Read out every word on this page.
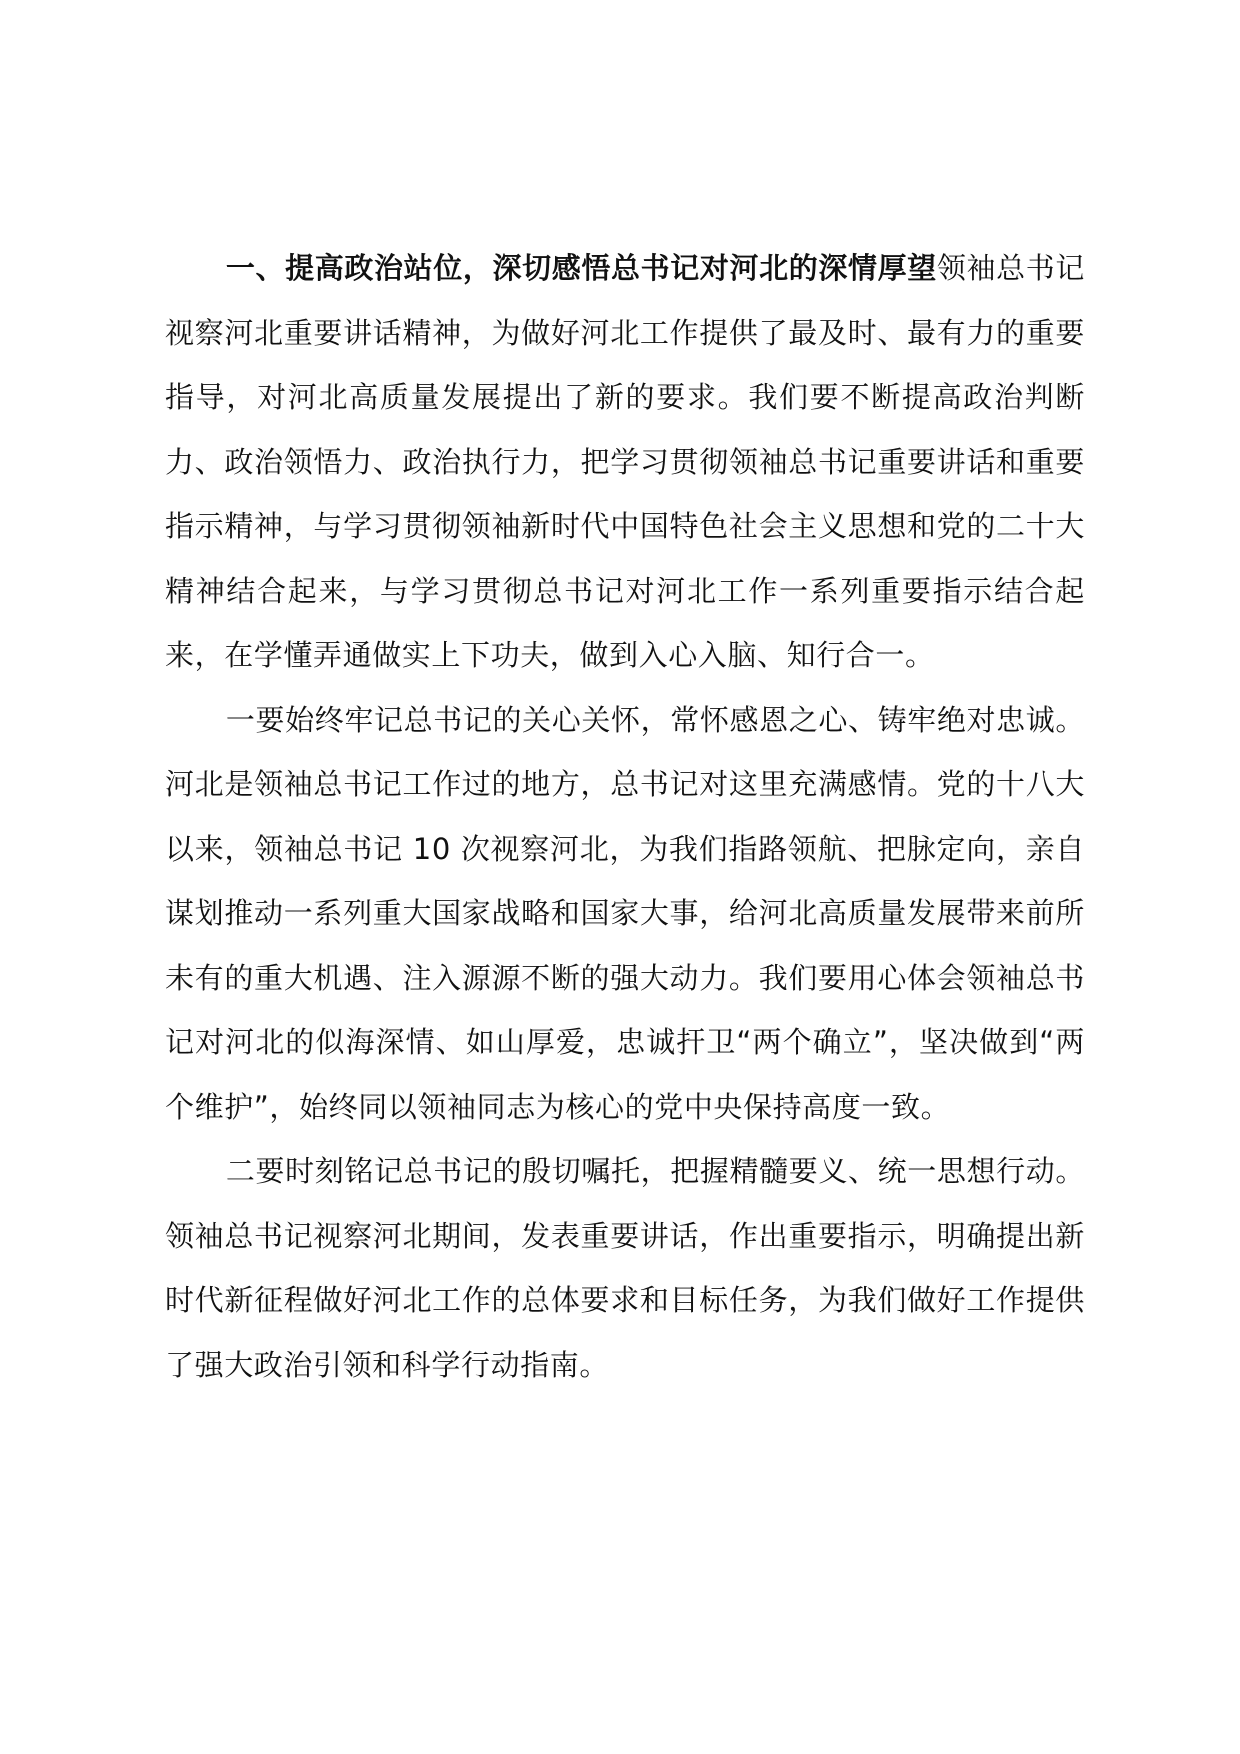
一、提高政治站位，深切感悟总书记对河北的深情厚望领袖总书记视察河北重要讲话精神，为做好河北工作提供了最及时、最有力的重要指导，对河北高质量发展提出了新的要求。我们要不断提高政治判断力、政治领悟力、政治执行力，把学习贯彻领袖总书记重要讲话和重要指示精神，与学习贯彻领袖新时代中国特色社会主义思想和党的二十大精神结合起来，与学习贯彻总书记对河北工作一系列重要指示结合起来，在学懂弄通做实上下功夫，做到入心入脑、知行合一。

一要始终牢记总书记的关心关怀，常怀感恩之心、铸牢绝对忠诚。河北是领袖总书记工作过的地方，总书记对这里充满感情。党的十八大以来，领袖总书记 10 次视察河北，为我们指路领航、把脉定向，亲自谋划推动一系列重大国家战略和国家大事，给河北高质量发展带来前所未有的重大机遇、注入源源不断的强大动力。我们要用心体会领袖总书记对河北的似海深情、如山厚爱，忠诚扞卫“两个确立”，坚决做到“两个维护”，始终同以领袖同志为核心的党中央保持高度一致。

二要时刻铭记总书记的殷切嘱托，把握精髓要义、统一思想行动。领袖总书记视察河北期间，发表重要讲话，作出重要指示，明确提出新时代新征程做好河北工作的总体要求和目标任务，为我们做好工作提供了强大政治引领和科学行动指南。
